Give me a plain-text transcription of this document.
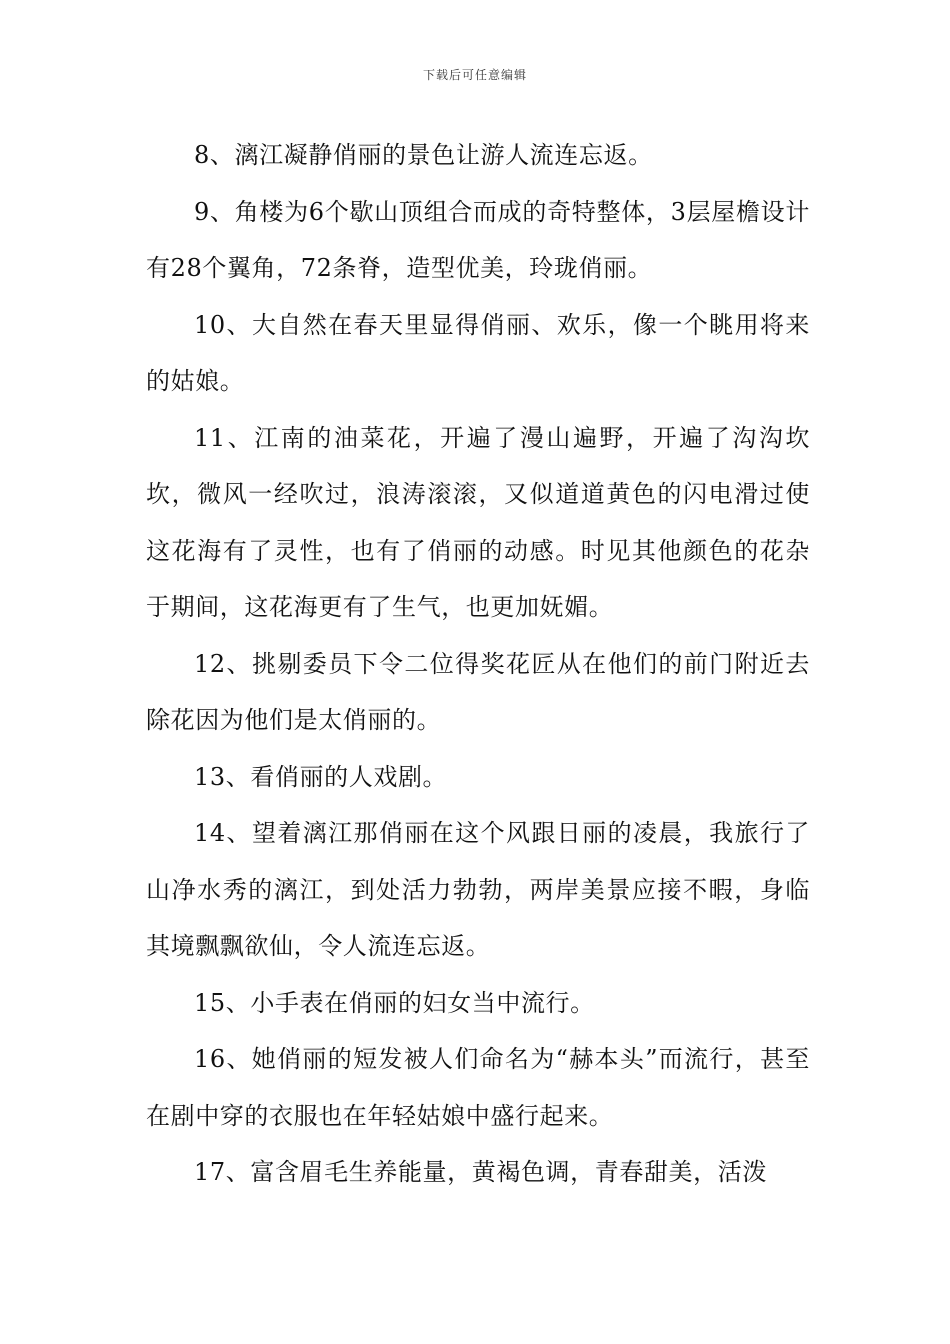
下载后可任意编辑

8、漓江凝静俏丽的景色让游人流连忘返。

9、角楼为6个歇山顶组合而成的奇特整体，3层屋檐设计有28个翼角，72条脊，造型优美，玲珑俏丽。

10、大自然在春天里显得俏丽、欢乐，像一个眺用将来的姑娘。

11、江南的油菜花，开遍了漫山遍野，开遍了沟沟坎坎，微风一经吹过，浪涛滚滚，又似道道黄色的闪电滑过使这花海有了灵性，也有了俏丽的动感。时见其他颜色的花杂于期间，这花海更有了生气，也更加妩媚。

12、挑剔委员下令二位得奖花匠从在他们的前门附近去除花因为他们是太俏丽的。

13、看俏丽的人戏剧。

14、望着漓江那俏丽在这个风跟日丽的凌晨，我旅行了山净水秀的漓江，到处活力勃勃，两岸美景应接不暇，身临其境飘飘欲仙，令人流连忘返。

15、小手表在俏丽的妇女当中流行。

16、她俏丽的短发被人们命名为“赫本头”而流行，甚至在剧中穿的衣服也在年轻姑娘中盛行起来。

17、富含眉毛生养能量，黄褐色调，青春甜美，活泼
